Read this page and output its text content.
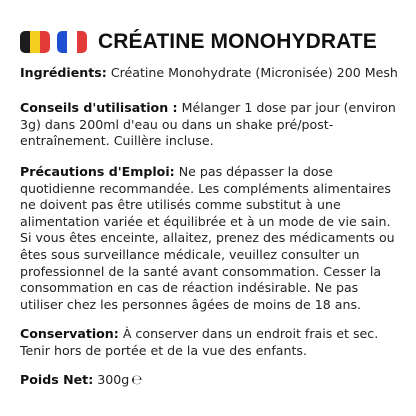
CRÉATINE MONOHYDRATE
Ingrédients: Créatine Monohydrate (Micronisée) 200 Mesh
Conseils d'utilisation : Mélanger 1 dose par jour (environ 3g) dans 200ml d'eau ou dans un shake pré/post-entraînement. Cuillère incluse.
Précautions d'Emploi: Ne pas dépasser la dose quotidienne recommandée. Les compléments alimentaires ne doivent pas être utilisés comme substitut à une alimentation variée et équilibrée et à un mode de vie sain. Si vous êtes enceinte, allaitez, prenez des médicaments ou êtes sous surveillance médicale, veuillez consulter un professionnel de la santé avant consommation. Cesser la consommation en cas de réaction indésirable. Ne pas utiliser chez les personnes âgées de moins de 18 ans.
Conservation: À conserver dans un endroit frais et sec. Tenir hors de portée et de la vue des enfants.
Poids Net: 300g ℮
